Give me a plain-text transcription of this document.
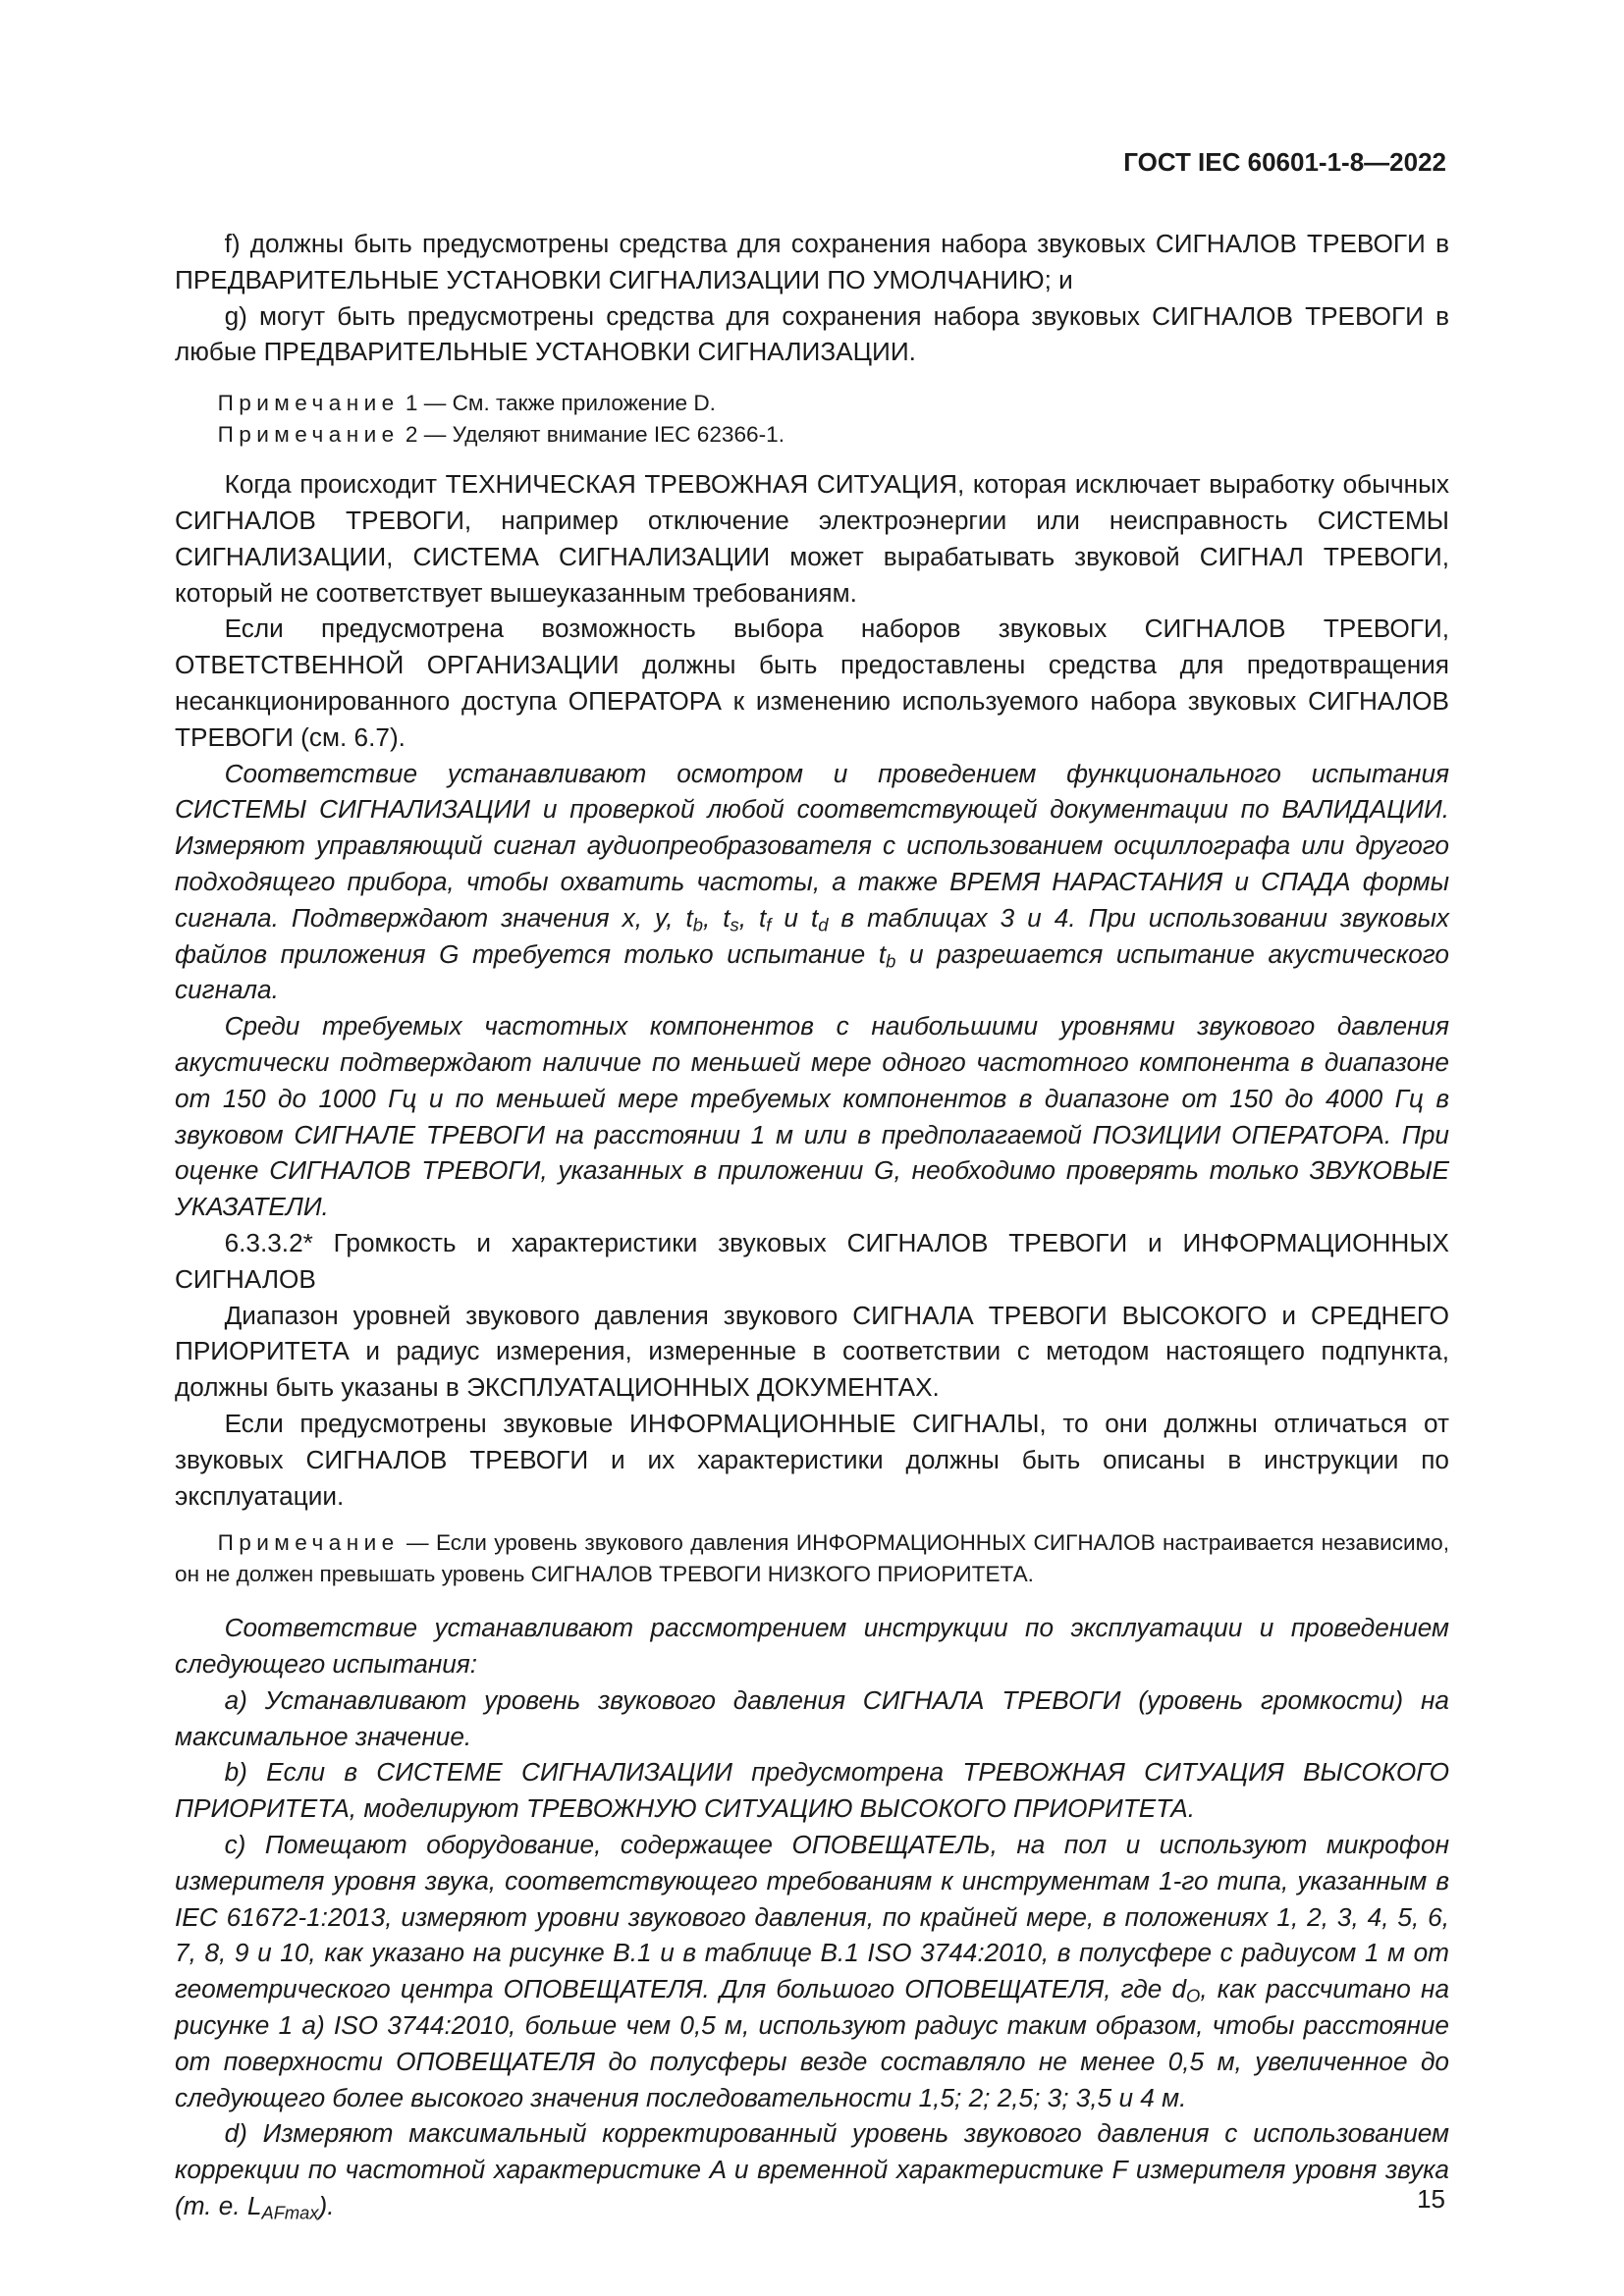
ГОСТ IEC 60601-1-8—2022

f) должны быть предусмотрены средства для сохранения набора звуковых СИГНАЛОВ ТРЕВОГИ в ПРЕДВАРИТЕЛЬНЫЕ УСТАНОВКИ СИГНАЛИЗАЦИИ ПО УМОЛЧАНИЮ; и

g) могут быть предусмотрены средства для сохранения набора звуковых СИГНАЛОВ ТРЕВОГИ в любые ПРЕДВАРИТЕЛЬНЫЕ УСТАНОВКИ СИГНАЛИЗАЦИИ.

Примечание 1 — См. также приложение D.

Примечание 2 — Уделяют внимание IEC 62366-1.

Когда происходит ТЕХНИЧЕСКАЯ ТРЕВОЖНАЯ СИТУАЦИЯ, которая исключает выработку обычных СИГНАЛОВ ТРЕВОГИ, например отключение электроэнергии или неисправность СИСТЕМЫ СИГНАЛИЗАЦИИ, СИСТЕМА СИГНАЛИЗАЦИИ может вырабатывать звуковой СИГНАЛ ТРЕВОГИ, который не соответствует вышеуказанным требованиям.

Если предусмотрена возможность выбора наборов звуковых СИГНАЛОВ ТРЕВОГИ, ОТВЕТСТВЕННОЙ ОРГАНИЗАЦИИ должны быть предоставлены средства для предотвращения несанкционированного доступа ОПЕРАТОРА к изменению используемого набора звуковых СИГНАЛОВ ТРЕВОГИ (см. 6.7).

Соответствие устанавливают осмотром и проведением функционального испытания СИСТЕМЫ СИГНАЛИЗАЦИИ и проверкой любой соответствующей документации по ВАЛИДАЦИИ. Измеряют управляющий сигнал аудиопреобразователя с использованием осциллографа или другого подходящего прибора, чтобы охватить частоты, а также ВРЕМЯ НАРАСТАНИЯ и СПАДА формы сигнала. Подтверждают значения x, y, $t_b$, $t_s$, $t_f$ и $t_d$ в таблицах 3 и 4. При использовании звуковых файлов приложения G требуется только испытание $t_b$ и разрешается испытание акустического сигнала.

Среди требуемых частотных компонентов с наибольшими уровнями звукового давления акустически подтверждают наличие по меньшей мере одного частотного компонента в диапазоне от 150 до 1000 Гц и по меньшей мере требуемых компонентов в диапазоне от 150 до 4000 Гц в звуковом СИГНАЛЕ ТРЕВОГИ на расстоянии 1 м или в предполагаемой ПОЗИЦИИ ОПЕРАТОРА. При оценке СИГНАЛОВ ТРЕВОГИ, указанных в приложении G, необходимо проверять только ЗВУКОВЫЕ УКАЗАТЕЛИ.

6.3.3.2* Громкость и характеристики звуковых СИГНАЛОВ ТРЕВОГИ и ИНФОРМАЦИОННЫХ СИГНАЛОВ

Диапазон уровней звукового давления звукового СИГНАЛА ТРЕВОГИ ВЫСОКОГО и СРЕДНЕГО ПРИОРИТЕТА и радиус измерения, измеренные в соответствии с методом настоящего подпункта, должны быть указаны в ЭКСПЛУАТАЦИОННЫХ ДОКУМЕНТАХ.

Если предусмотрены звуковые ИНФОРМАЦИОННЫЕ СИГНАЛЫ, то они должны отличаться от звуковых СИГНАЛОВ ТРЕВОГИ и их характеристики должны быть описаны в инструкции по эксплуатации.

Примечание — Если уровень звукового давления ИНФОРМАЦИОННЫХ СИГНАЛОВ настраивается независимо, он не должен превышать уровень СИГНАЛОВ ТРЕВОГИ НИЗКОГО ПРИОРИТЕТА.

Соответствие устанавливают рассмотрением инструкции по эксплуатации и проведением следующего испытания:

a) Устанавливают уровень звукового давления СИГНАЛА ТРЕВОГИ (уровень громкости) на максимальное значение.

b) Если в СИСТЕМЕ СИГНАЛИЗАЦИИ предусмотрена ТРЕВОЖНАЯ СИТУАЦИЯ ВЫСОКОГО ПРИОРИТЕТА, моделируют ТРЕВОЖНУЮ СИТУАЦИЮ ВЫСОКОГО ПРИОРИТЕТА.

c) Помещают оборудование, содержащее ОПОВЕЩАТЕЛЬ, на пол и используют микрофон измерителя уровня звука, соответствующего требованиям к инструментам 1-го типа, указанным в IEC 61672-1:2013, измеряют уровни звукового давления, по крайней мере, в положениях 1, 2, 3, 4, 5, 6, 7, 8, 9 и 10, как указано на рисунке B.1 и в таблице B.1 ISO 3744:2010, в полусфере с радиусом 1 м от геометрического центра ОПОВЕЩАТЕЛЯ. Для большого ОПОВЕЩАТЕЛЯ, где $d_O$, как рассчитано на рисунке 1 a) ISO 3744:2010, больше чем 0,5 м, используют радиус таким образом, чтобы расстояние от поверхности ОПОВЕЩАТЕЛЯ до полусферы везде составляло не менее 0,5 м, увеличенное до следующего более высокого значения последовательности 1,5; 2; 2,5; 3; 3,5 и 4 м.

d) Измеряют максимальный корректированный уровень звукового давления с использованием коррекции по частотной характеристике A и временной характеристике F измерителя уровня звука (т. е. $L_{AFmax}$).	15
